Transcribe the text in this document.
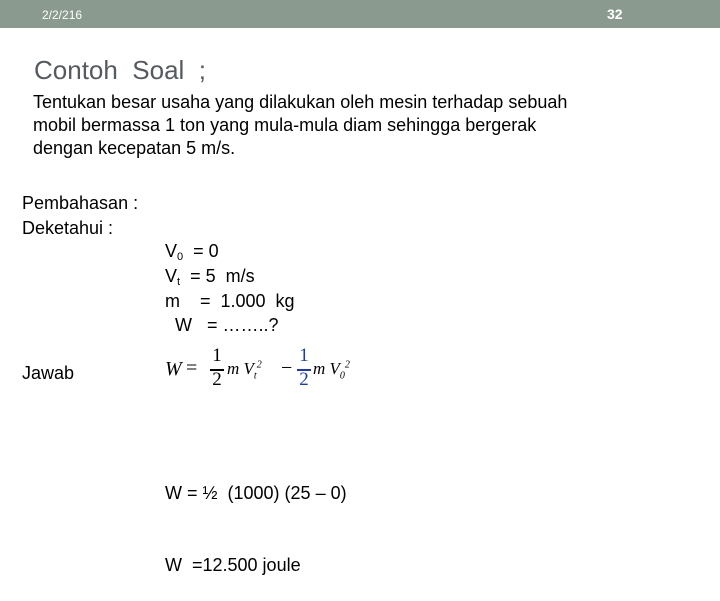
2/2/216	32
Contoh  Soal  ;
Tentukan besar usaha yang dilakukan oleh mesin terhadap sebuah
mobil bermassa 1 ton yang mula-mula diam sehingga bergerak
dengan kecepatan 5 m/s.
Pembahasan :
Deketahui :
$V_0 = 0$
$V_t = 5$  m/s
m    =  1.000  kg
W   = ……..?
Jawab	W =
1
2
m $V_t^2$ −
1
2
m $V_0^2$

W = ½  (1000) (25 – 0)

W  =12.500 joule
